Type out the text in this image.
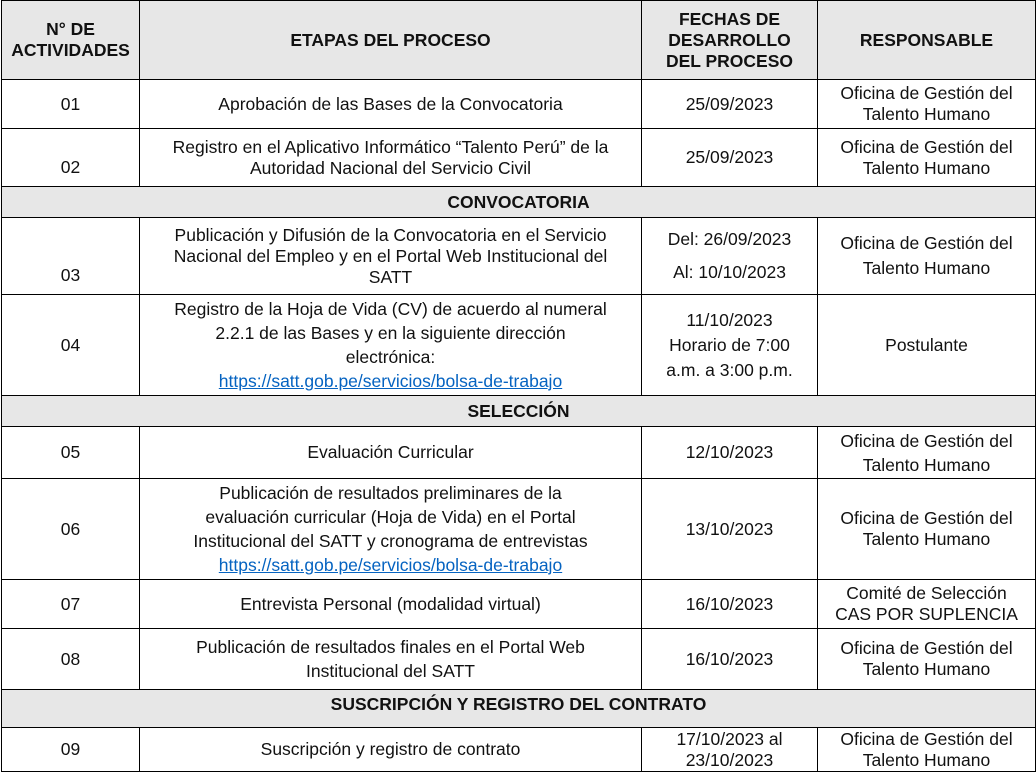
N° DE
ACTIVIDADES	ETAPAS DEL PROCESO	FECHAS DE
DESARROLLO
DEL PROCESO	RESPONSABLE
01	Aprobación de las Bases de la Convocatoria	25/09/2023	Oficina de Gestión del
Talento Humano

02	Registro en el Aplicativo Informático “Talento Perú” de la
Autoridad Nacional del Servicio Civil	25/09/2023	Oficina de Gestión del
Talento Humano

CONVOCATORIA			
03	Publicación y Difusión de la Convocatoria en el Servicio
Nacional del Empleo y en el Portal Web Institucional del
SATT	Del: 26/09/2023
Al: 10/10/2023	Oficina de Gestión del
Talento Humano

04	Registro de la Hoja de Vida (CV) de acuerdo al numeral
2.2.1 de las Bases y en la siguiente dirección
electrónica:
https://satt.gob.pe/servicios/bolsa-de-trabajo	11/10/2023
Horario de 7:00
a.m. a 3:00 p.m.	Postulante
SELECCIÓN			
05	Evaluación Curricular	12/10/2023	Oficina de Gestión del
Talento Humano

06	Publicación de resultados preliminares de la
evaluación curricular (Hoja de Vida) en el Portal
Institucional del SATT y cronograma de entrevistas
https://satt.gob.pe/servicios/bolsa-de-trabajo	13/10/2023	Oficina de Gestión del
Talento Humano

07	Entrevista Personal (modalidad virtual)	16/10/2023	Comité de Selección
CAS POR SUPLENCIA

08	Publicación de resultados finales en el Portal Web
Institucional del SATT	16/10/2023	Oficina de Gestión del
Talento Humano

SUSCRIPCIÓN Y REGISTRO DEL CONTRATO			
09	Suscripción y registro de contrato	17/10/2023 al
23/10/2023	Oficina de Gestión del
Talento Humano
